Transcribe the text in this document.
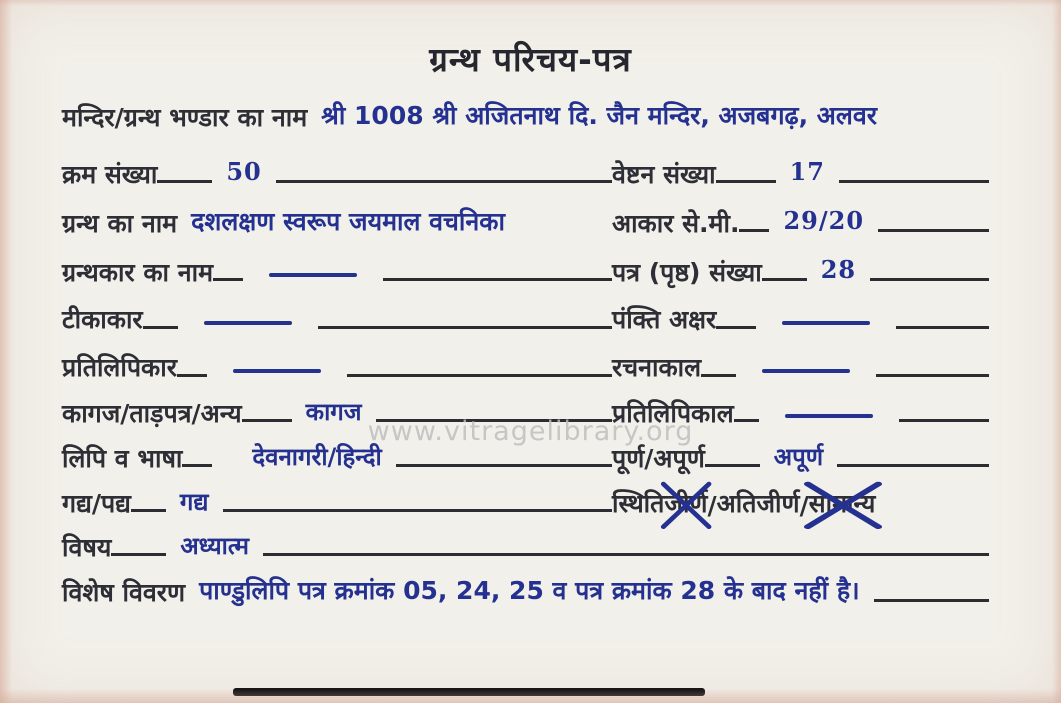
ग्रन्थ परिचय-पत्र
मन्दिर/ग्रन्थ भण्डार का नाम श्री 1008 श्री अजितनाथ दि. जैन मन्दिर, अजबगढ़, अलवर
क्रम संख्या	50	वेष्टन संख्या	17
ग्रन्थ का नाम दशलक्षण स्वरूप जयमाल वचनिका	आकार से.मी. 29/20
ग्रन्थकार का नाम	पत्र (पृष्ठ) संख्या 28
टीकाकार	पंक्ति अक्षर
प्रतिलिपिकार	रचनाकाल
कागज/ताड़पत्र/अन्य	कागज	प्रतिलिपिकाल
लिपि व भाषा	देवनागरी/हिन्दी	पूर्ण/अपूर्ण	अपूर्ण
गद्य/पद्य गद्य	स्थिति जीर्ण / अतिजीर्ण / सामान्य
विषय	अध्यात्म
विशेष विवरण पाण्डुलिपि पत्र क्रमांक 05, 24, 25 व पत्र क्रमांक 28 के बाद नहीं है।
www.vitragelibrary.org
